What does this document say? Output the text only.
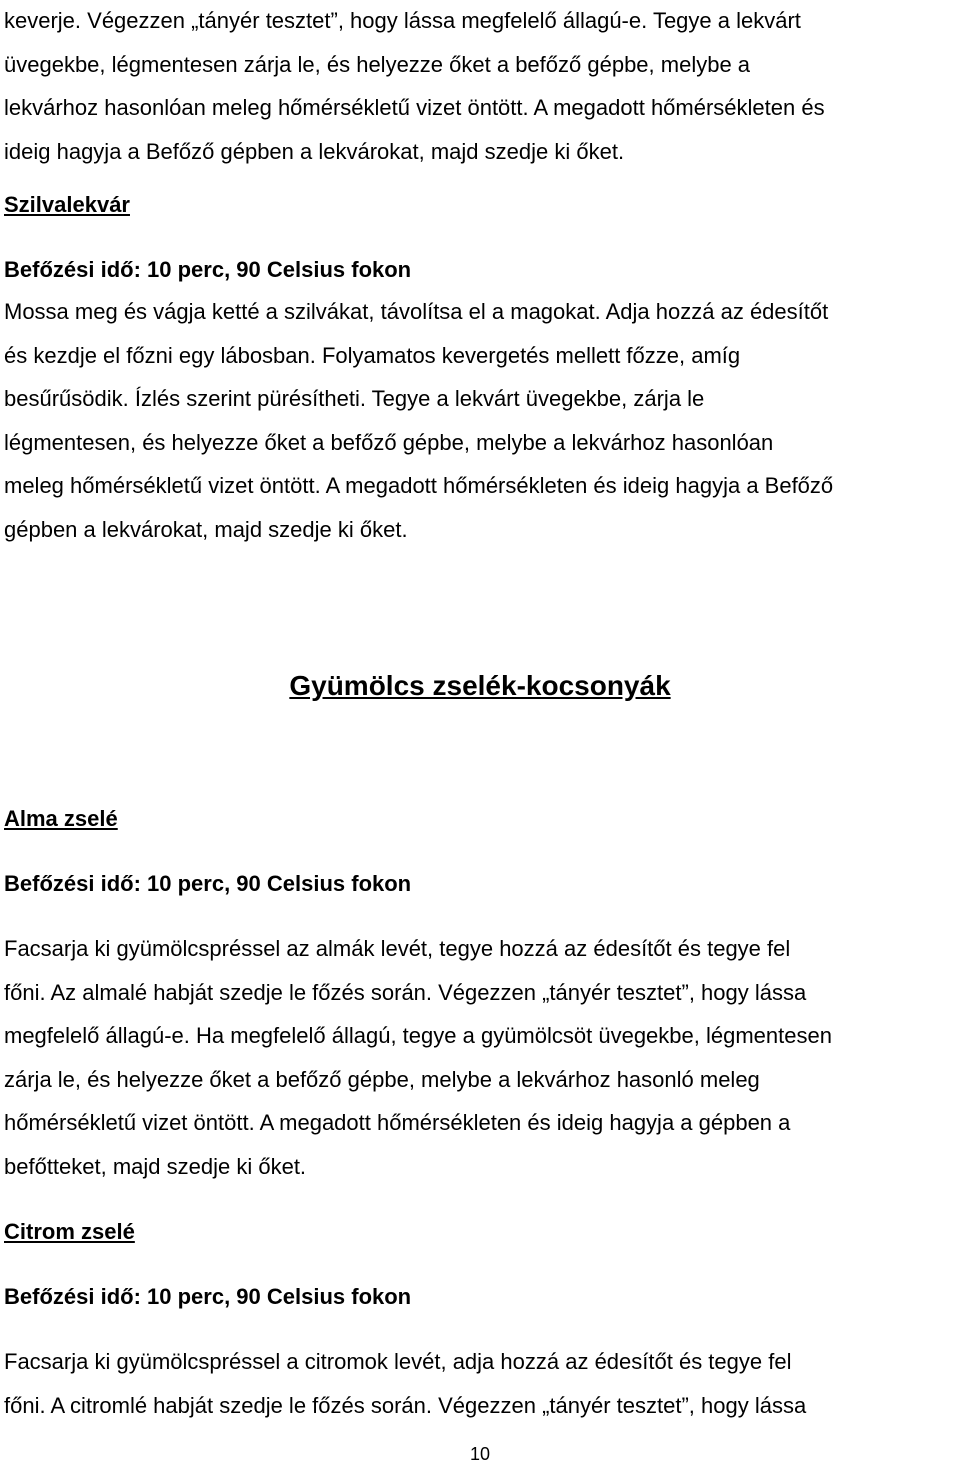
keverje. Végezzen „tányér tesztet”, hogy lássa megfelelő állagú-e. Tegye a lekvárt
üvegekbe, légmentesen zárja le, és helyezze őket a befőző gépbe, melybe a
lekvárhoz hasonlóan meleg hőmérsékletű vizet öntött. A megadott hőmérsékleten és
ideig hagyja a Befőző gépben a lekvárokat, majd szedje ki őket.
Szilvalekvár
Befőzési idő: 10 perc, 90 Celsius fokon
Mossa meg és vágja ketté a szilvákat, távolítsa el a magokat. Adja hozzá az édesítőt
és kezdje el főzni egy lábosban. Folyamatos kevergetés mellett főzze, amíg
besűrűsödik. Ízlés szerint pürésítheti. Tegye a lekvárt üvegekbe, zárja le
légmentesen, és helyezze őket a befőző gépbe, melybe a lekvárhoz hasonlóan
meleg hőmérsékletű vizet öntött. A megadott hőmérsékleten és ideig hagyja a Befőző
gépben a lekvárokat, majd szedje ki őket.
Gyümölcs zselék-kocsonyák
Alma zselé
Befőzési idő: 10 perc, 90 Celsius fokon
Facsarja ki gyümölcspréssel az almák levét, tegye hozzá az édesítőt és tegye fel
főni. Az almalé habját szedje le főzés során. Végezzen „tányér tesztet”, hogy lássa
megfelelő állagú-e. Ha megfelelő állagú, tegye a gyümölcsöt üvegekbe, légmentesen
zárja le, és helyezze őket a befőző gépbe, melybe a lekvárhoz hasonló meleg
hőmérsékletű vizet öntött. A megadott hőmérsékleten és ideig hagyja a gépben a
befőtteket, majd szedje ki őket.
Citrom zselé
Befőzési idő: 10 perc, 90 Celsius fokon
Facsarja ki gyümölcspréssel a citromok levét, adja hozzá az édesítőt és tegye fel
főni. A citromlé habját szedje le főzés során. Végezzen „tányér tesztet”, hogy lássa
10
